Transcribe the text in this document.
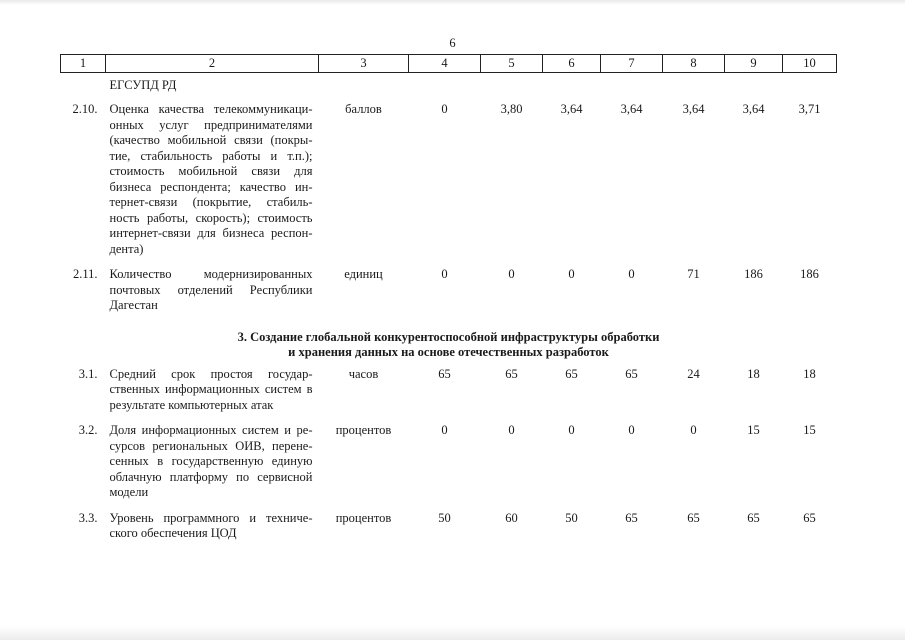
6
1	2	3	4	5	6	7	8	9	10
	ЕГСУПД РД								
2.10.	Оценка качества телекоммуникаци-онных услуг предпринимателями (качество мобильной связи (покры-тие, стабильность работы и т.п.); стоимость мобильной связи для бизнеса респондента; качество ин-тернет-связи (покрытие, стабиль-ность работы, скорость); стоимость интернет-связи для бизнеса респон-дента)	баллов	0	3,80	3,64	3,64	3,64	3,64	3,71
2.11.	Количество модернизированных почтовых отделений Республики Дагестан	единиц	0	0	0	0	71	186	186

3. Создание глобальной конкурентоспособной инфраструктуры обработки
и хранения данных на основе отечественных разработок									

3.1.	Средний срок простоя государ-ственных информационных систем в результате компьютерных атак	часов	65	65	65	65	24	18	18
3.2.	Доля информационных систем и ре-сурсов региональных ОИВ, перене-сенных в государственную единую облачную платформу по сервисной модели	процентов	0	0	0	0	0	15	15
3.3.	Уровень программного и техниче-ского обеспечения ЦОД	процентов	50	60	50	65	65	65	65
